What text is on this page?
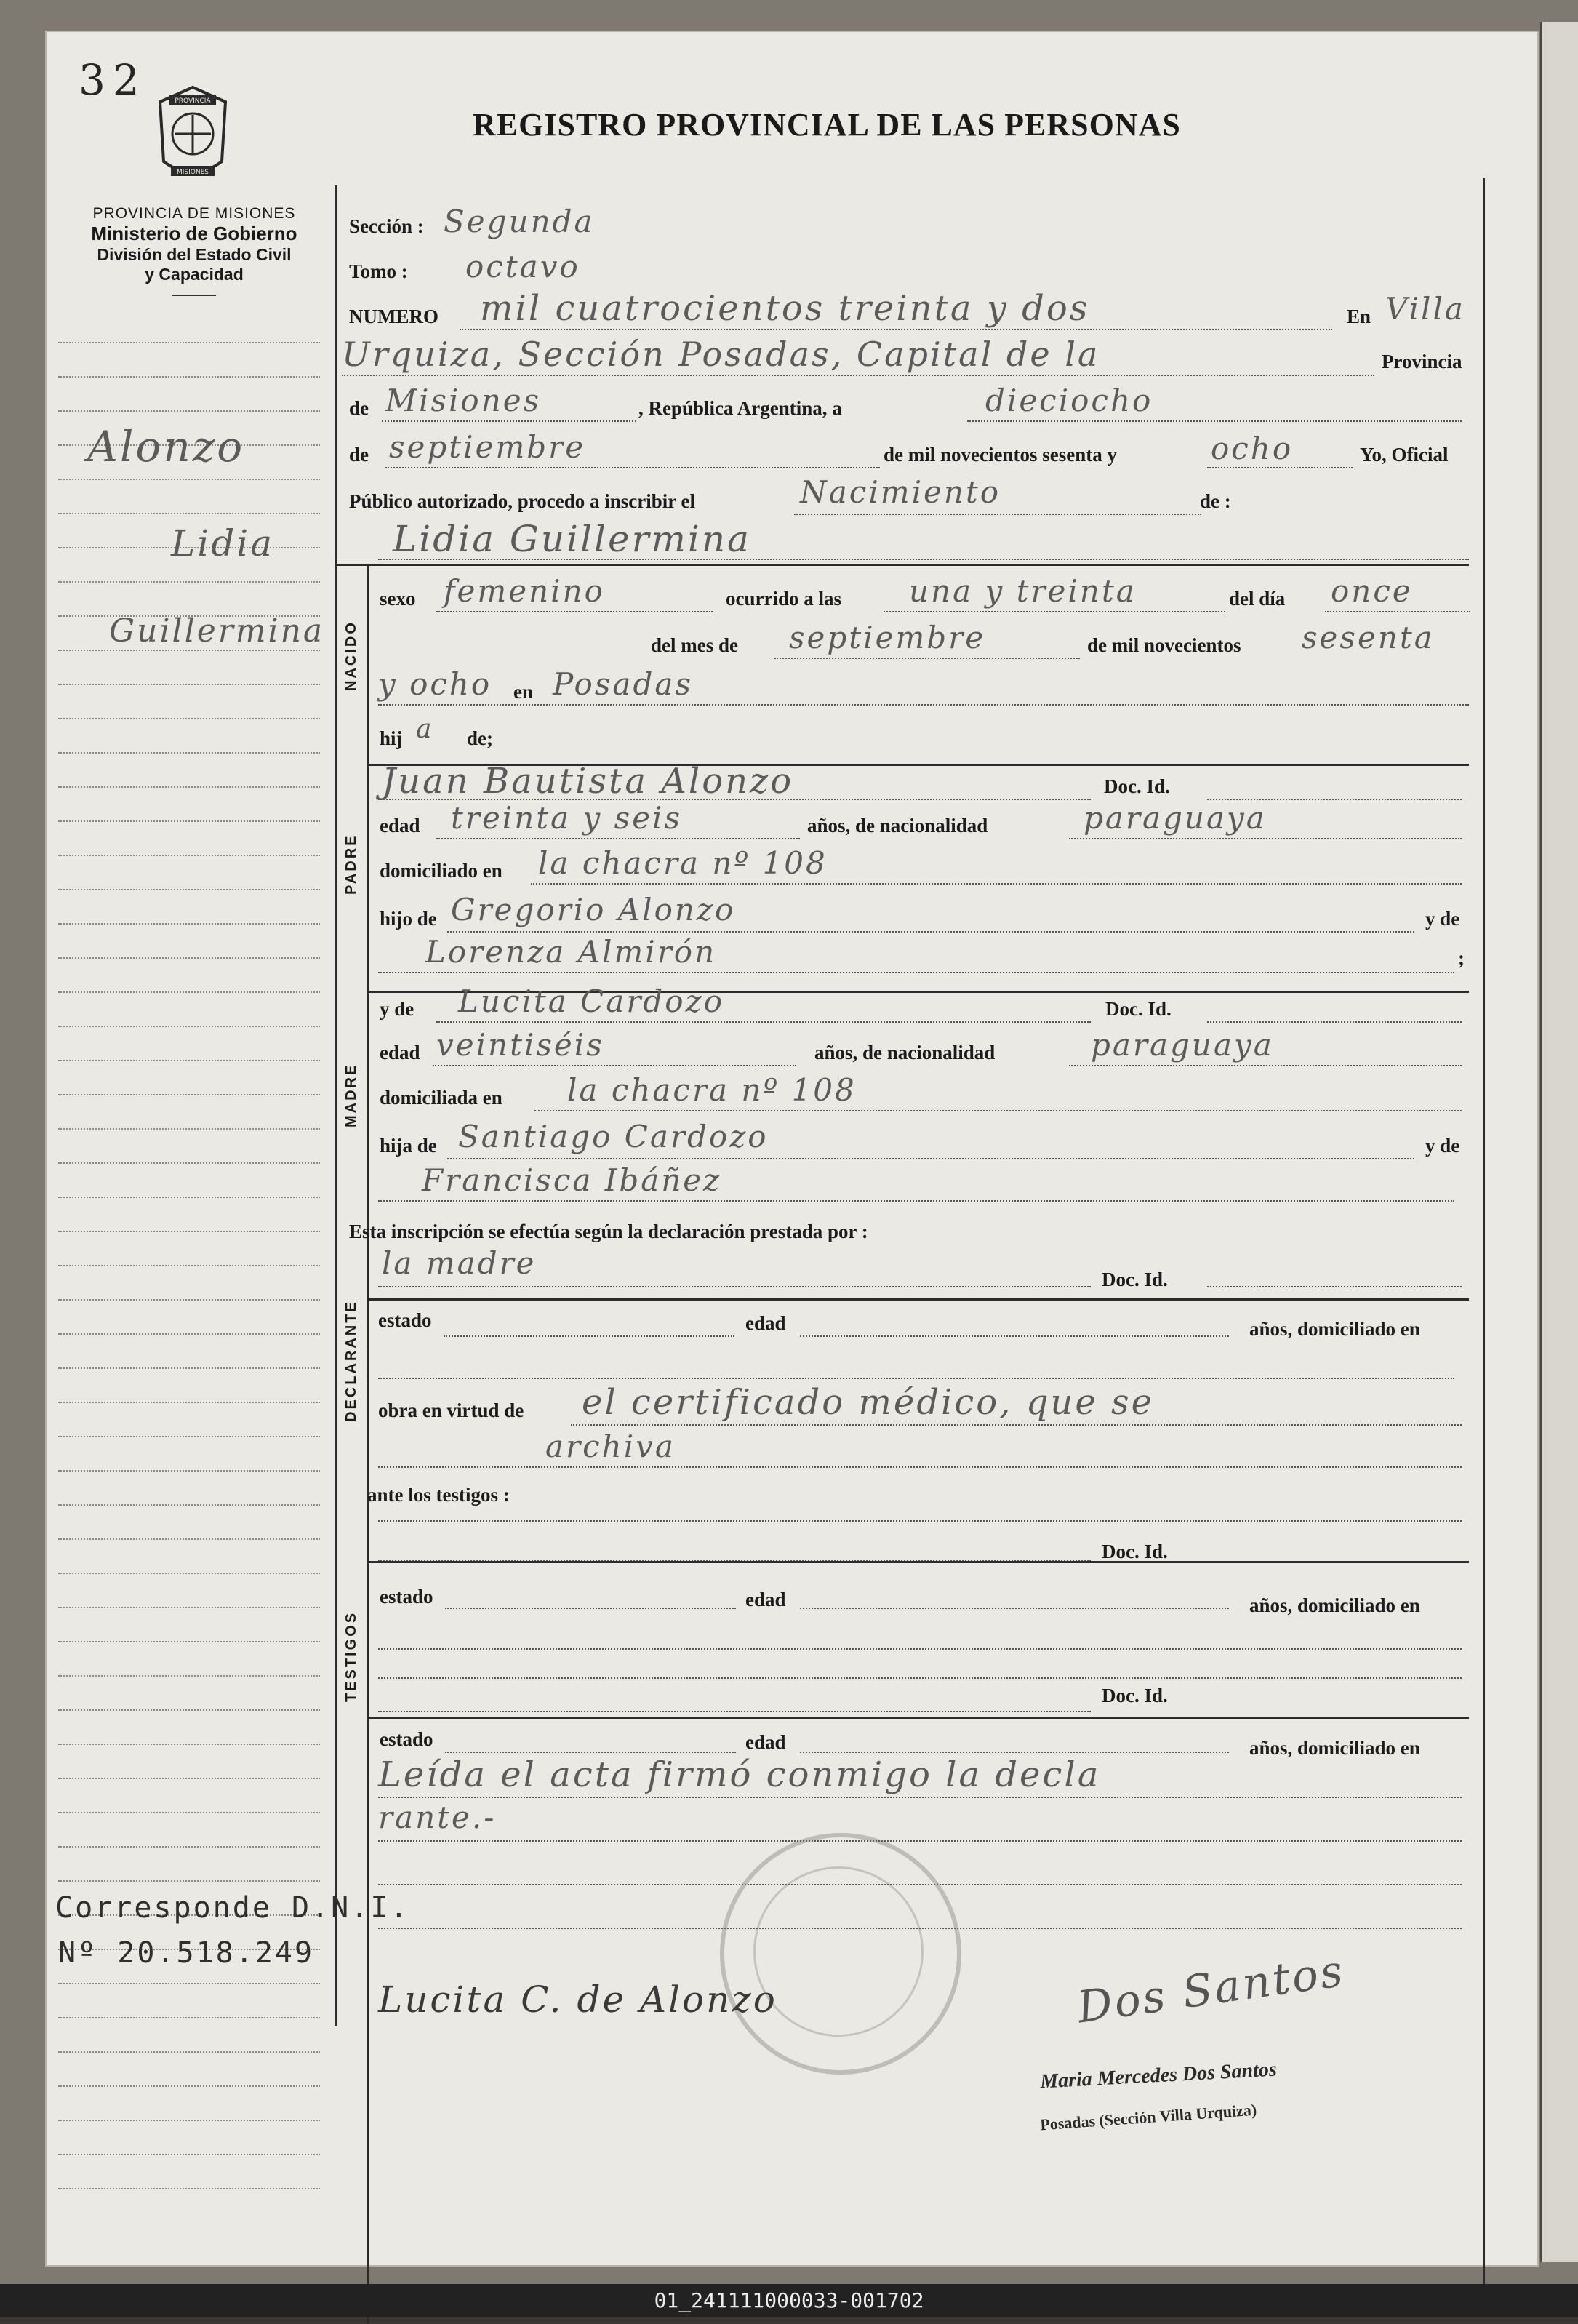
32	PROVINCIA
MISIONES
REGISTRO PROVINCIAL DE LAS PERSONAS
PROVINCIA DE MISIONES
Ministerio de Gobierno
División del Estado Civil
y Capacidad
Alonzo
Lidia
Guillermina
Corresponde D.N.I.
Nº 20.518.249
NACIDO
PADRE
MADRE
DECLARANTE
TESTIGOS
Sección : Segunda
Tomo : octavo
NUMERO mil cuatrocientos treinta y dos	En Villa
Urquiza, Sección Posadas, Capital de la	Provincia
de Misiones	, República Argentina, a	dieciocho
de septiembre	de mil novecientos sesenta y	ocho	Yo, Oficial
Público autorizado, procedo a inscribir el	Nacimiento	de :
Lidia Guillermina
sexo femenino	ocurrido a las una y treinta	del día once
del mes de septiembre	de mil novecientos sesenta
y ocho en Posadas
hij a de;
Juan Bautista Alonzo	Doc. Id.
edad treinta y seis	años, de nacionalidad	paraguaya
domiciliado en la chacra nº 108
hijo de Gregorio Alonzo	y de
Lorenza Almirón	;
y de Lucita Cardozo	Doc. Id.
edad veintiséis	años, de nacionalidad	paraguaya
domiciliada en la chacra nº 108
hija de Santiago Cardozo	y de
Francisca Ibáñez
Esta inscripción se efectúa según la declaración prestada por :
la madre	Doc. Id.
estado	edad	años, domiciliado en
obra en virtud de el certificado médico, que se
archiva
ante los testigos :
Doc. Id.
estado	edad	años, domiciliado en
Doc. Id.
estado	edad	años, domiciliado en
Leída el acta firmó conmigo la decla
rante.-
Lucita C. de Alonzo	Dos Santos
Maria Mercedes Dos Santos
Posadas (Sección Villa Urquiza)
01_241111000033-001702
